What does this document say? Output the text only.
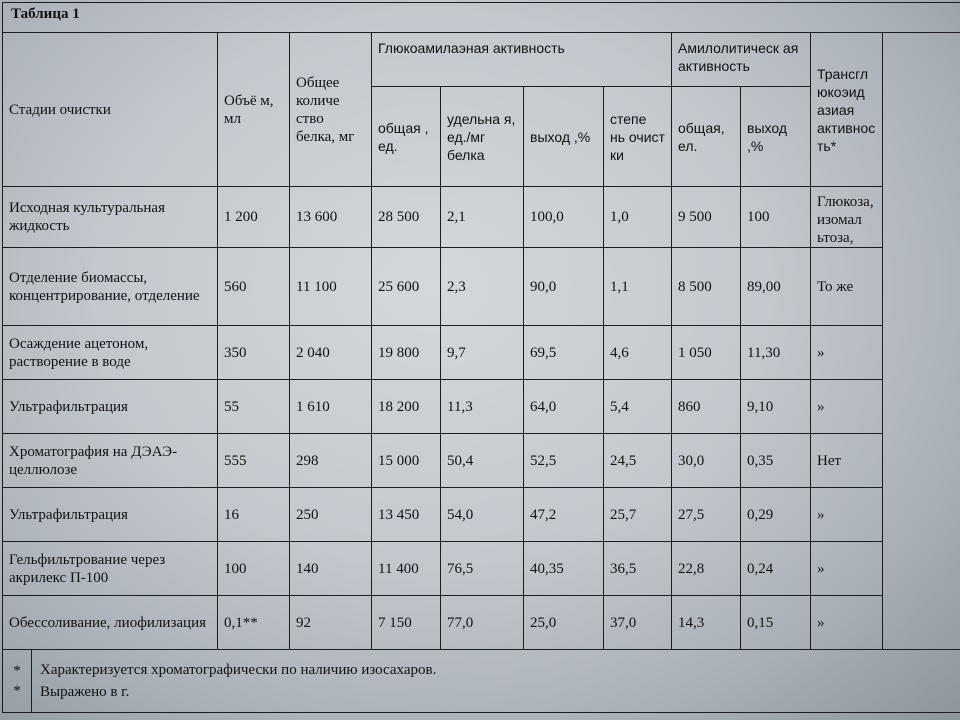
Таблица 1									
Стадии очистки	Объё м, мл	Общее количе ство белка, мг	Глюкоамилаэная активность				Амилолитическ ая активность		Трансглюкоэид азиая активность*
			общая , ед.	удельна я, ед./мг белка	выход ,%	степе нь очист ки	общая, ел.	выход ,%	
Исходная культуральная жидкость	1 200	13 600	28 500	2,1	100,0	1,0	9 500	100	Глюкоза,изомал ьтоза,
Отделение биомассы, концентрирование, отделение	560	11 100	25 600	2,3	90,0	1,1	8 500	89,00	То же
Осаждение ацетоном, растворение в воде	350	2 040	19 800	9,7	69,5	4,6	1 050	11,30	»
Ультрафильтрация	55	1 610	18 200	11,3	64,0	5,4	860	9,10	»
Хроматография на ДЭАЭ-целлюлозе	555	298	15 000	50,4	52,5	24,5	30,0	0,35	Нет
Ультрафильтрация	16	250	13 450	54,0	47,2	25,7	27,5	0,29	»
Гельфильтрование через акрилекс П-100	100	140	11 400	76,5	40,35	36,5	22,8	0,24	»
Обессоливание, лиофилизация	0,1**	92	7 150	77,0	25,0	37,0	14,3	0,15	»

*
*
Характеризуется хроматографически по наличию изосахаров.
Выражено в г.									
